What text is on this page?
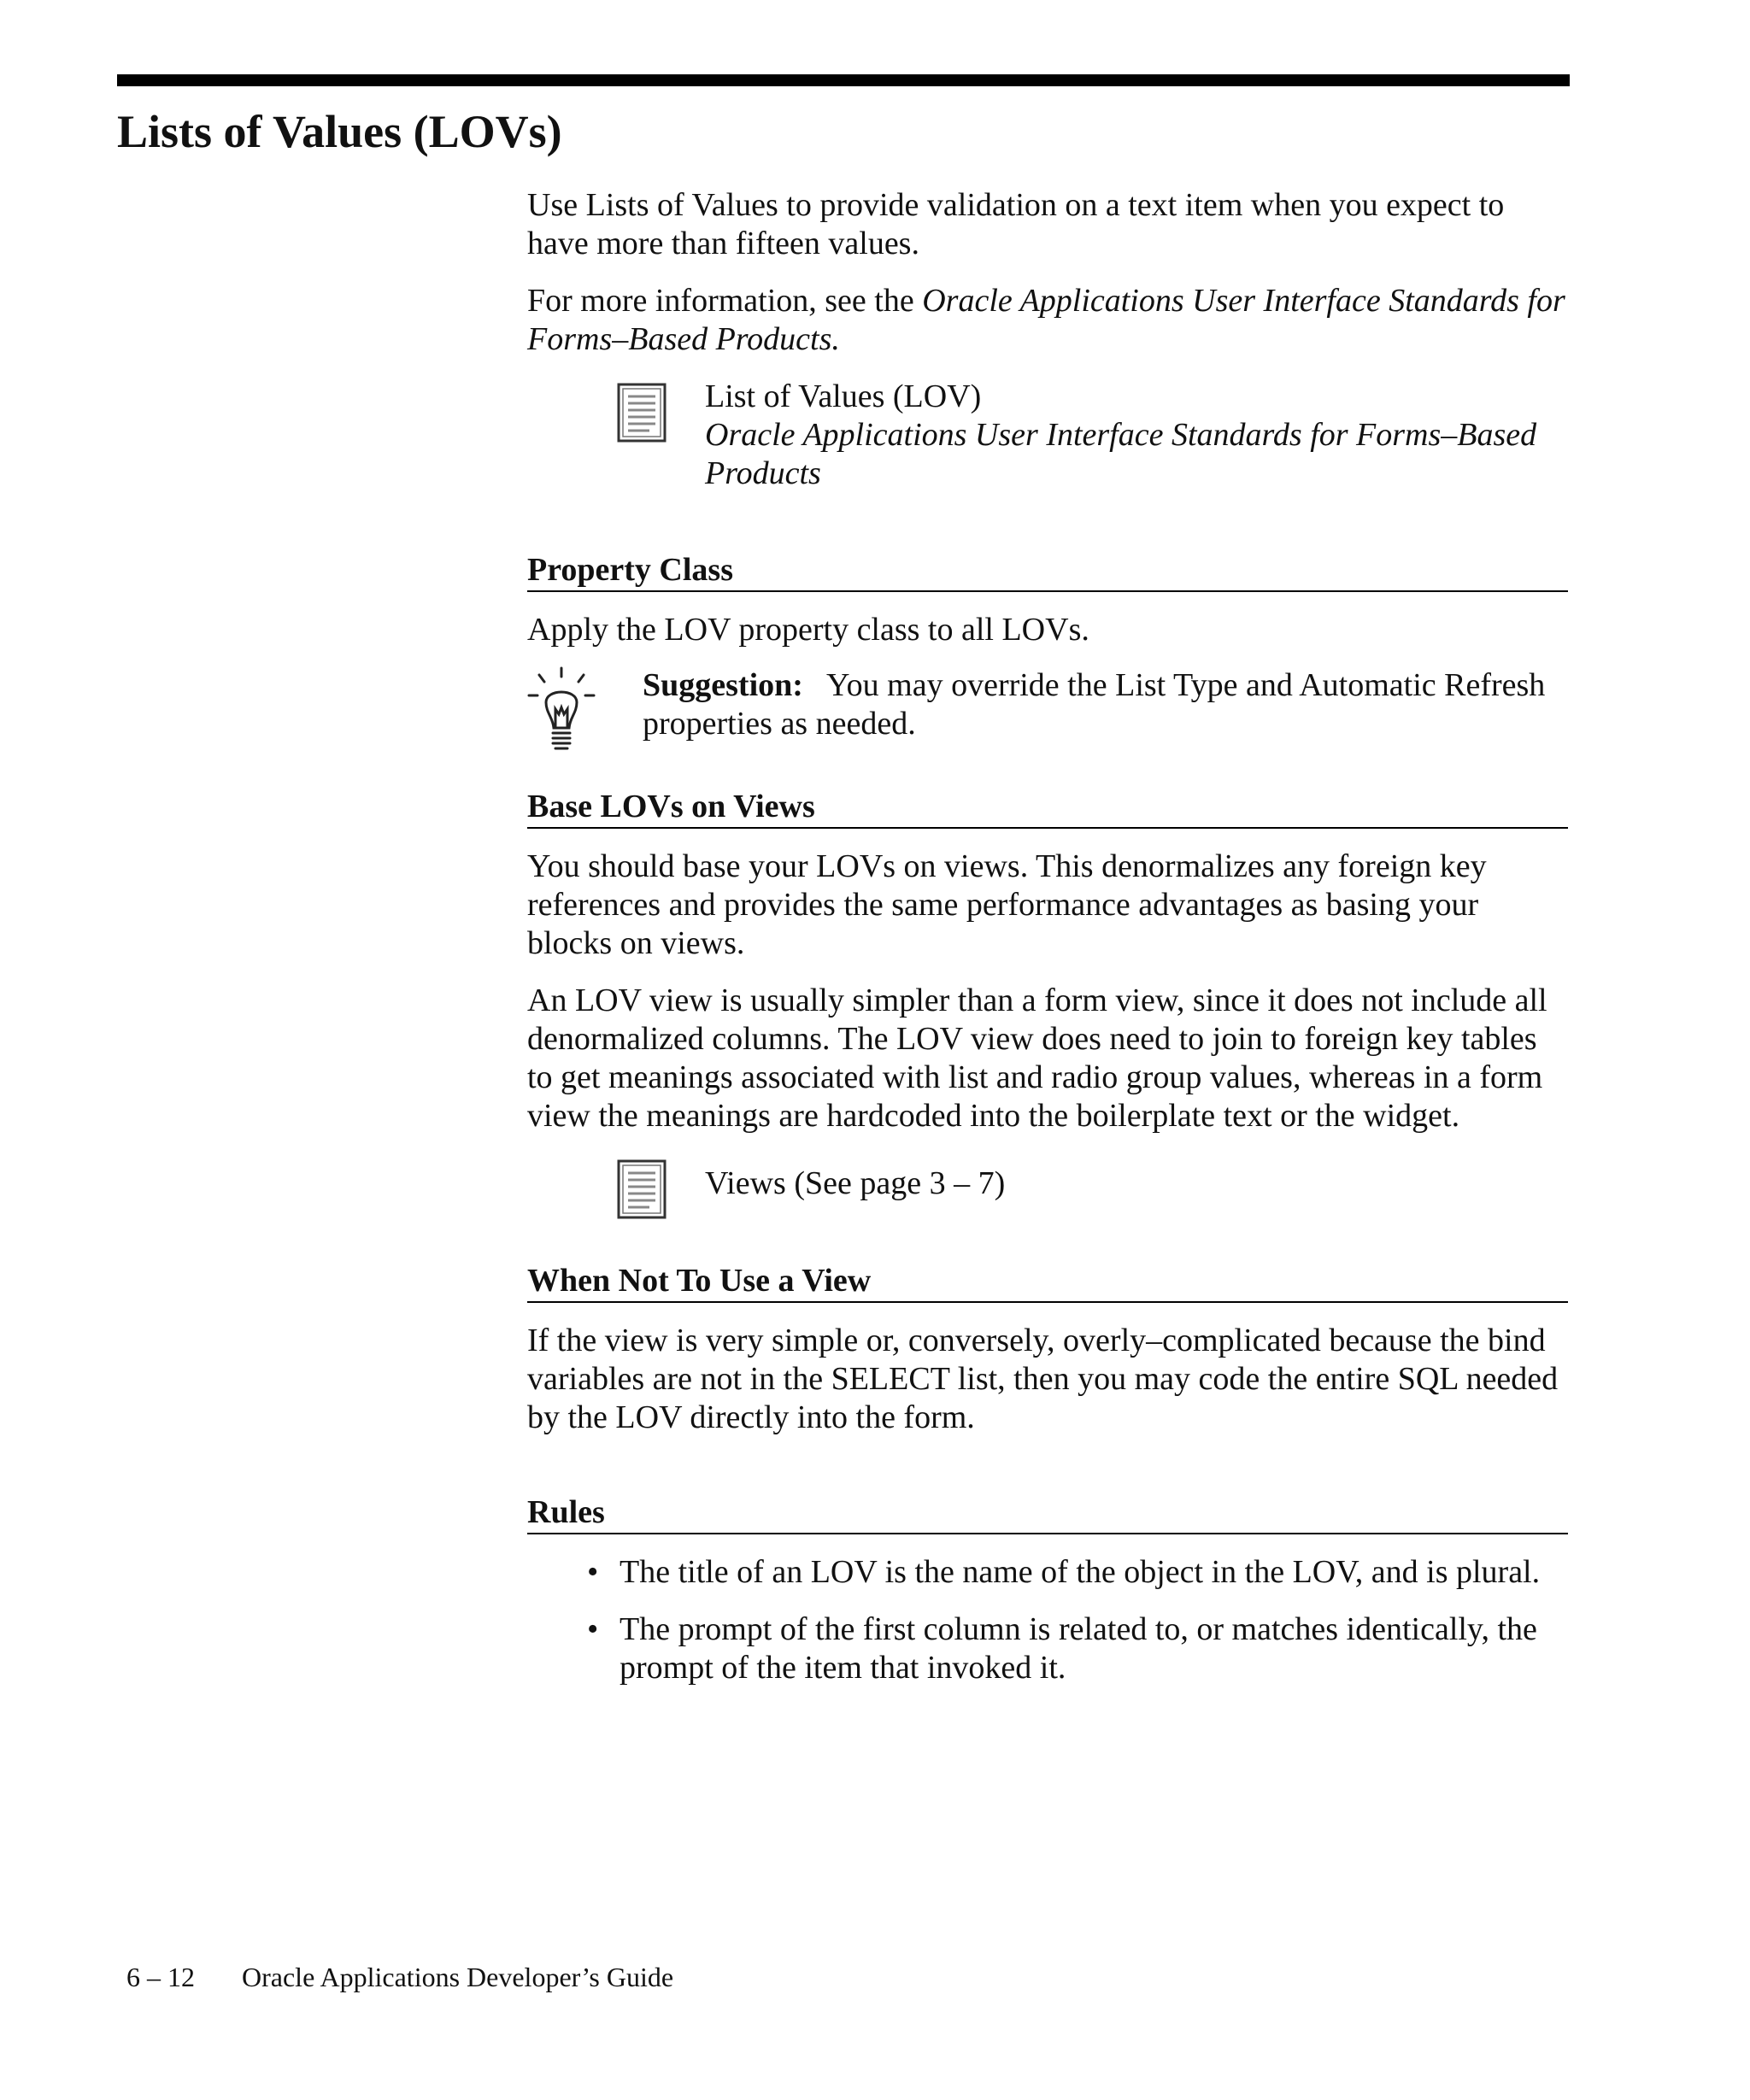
Lists of Values (LOVs)

Use Lists of Values to provide validation on a text item when you expect to have more than fifteen values.

For more information, see the Oracle Applications User Interface Standards for Forms–Based Products.

List of Values (LOV)
Oracle Applications User Interface Standards for Forms–Based Products
Property Class

Apply the LOV property class to all LOVs.

Suggestion: You may override the List Type and Automatic Refresh properties as needed.

Base LOVs on Views

You should base your LOVs on views. This denormalizes any foreign key references and provides the same performance advantages as basing your blocks on views.

An LOV view is usually simpler than a form view, since it does not include all denormalized columns. The LOV view does need to join to foreign key tables to get meanings associated with list and radio group values, whereas in a form view the meanings are hardcoded into the boilerplate text or the widget.

Views (See page 3 – 7)
When Not To Use a View

If the view is very simple or, conversely, overly–complicated because the bind variables are not in the SELECT list, then you may code the entire SQL needed by the LOV directly into the form.

Rules
• The title of an LOV is the name of the object in the LOV, and is plural.
• The prompt of the first column is related to, or matches identically, the prompt of the item that invoked it.
6 – 12 Oracle Applications Developer’s Guide
